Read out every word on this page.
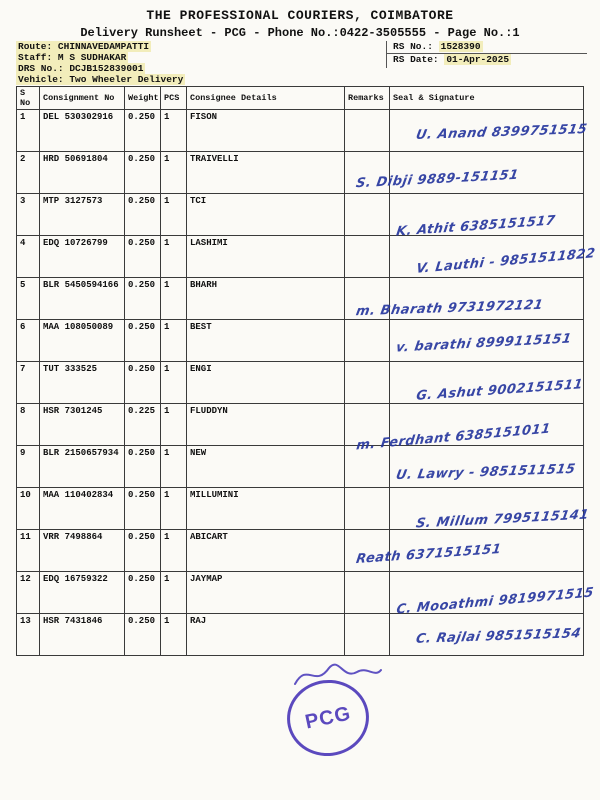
THE PROFESSIONAL COURIERS, COIMBATORE
Delivery Runsheet - PCG - Phone No.:0422-3505555 - Page No.:1
Route: CHINNAVEDAMPATTI
Staff: M S SUDHAKAR
DRS No.: DCJB152839001
Vehicle: Two Wheeler Delivery
RS No.: 1528390
RS Date: 01-Apr-2025
S No	Consignment No	Weight	PCS	Consignee Details	Remarks	Seal & Signature
1	DEL 530302916	0.250	1	FISON		U. Anand 8399751515

2	HRD 50691804	0.250	1	TRAIVELLI		S. Dibji 9889-151151

3	MTP 3127573	0.250	1	TCI		K. Athit 6385151517

4	EDQ 10726799	0.250	1	LASHIMI		V. Lauthi - 9851511822

5	BLR 5450594166	0.250	1	BHARH		m. Bharath 9731972121

6	MAA 108050089	0.250	1	BEST		v. barathi 8999115151

7	TUT 333525	0.250	1	ENGI		G. Ashut 9002151511

8	HSR 7301245	0.225	1	FLUDDYN		m. Ferdhant 6385151011

9	BLR 2150657934	0.250	1	NEW		U. Lawry - 9851511515

10	MAA 110402834	0.250	1	MILLUMINI		S. Millum 7995115141

11	VRR 7498864	0.250	1	ABICART		Reath 6371515151

12	EDQ 16759322	0.250	1	JAYMAP		C. Mooathmi 9819971515

13	HSR 7431846	0.250	1	RAJ		C. Rajlai 9851515154
PCG
